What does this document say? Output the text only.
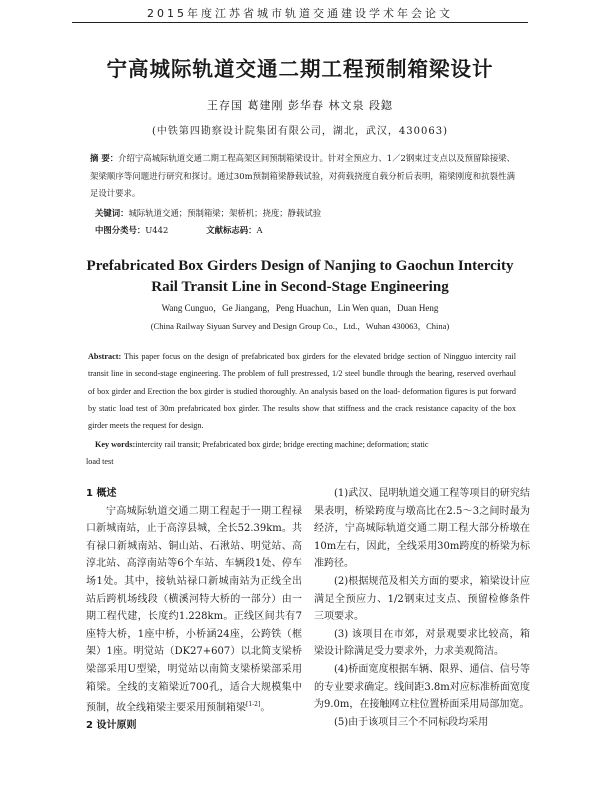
2015年度江苏省城市轨道交通建设学术年会论文
宁高城际轨道交通二期工程预制箱梁设计
王存国 葛建刚 彭华春 林文泉 段鍃
(中铁第四勘察设计院集团有限公司，湖北，武汉，430063)
摘 要：介绍宁高城际轨道交通二期工程高架区间预制箱梁设计。针对全预应力、1／2钢束过支点以及预留除接梁、架梁顺序等问题进行研究和探讨。通过30m预制箱梁静载试验，对荷载挠度自载分析后表明，箱梁刚度和抗裂性满足设计要求。
关键词：城际轨道交通；预制箱梁；架桥机；挠度；静载试验
中图分类号：U442	文献标志码：A
Prefabricated Box Girders Design of Nanjing to Gaochun Intercity
Rail Transit Line in Second-Stage Engineering
Wang Cunguo，Ge Jiangang，Peng Huachun，Lin Wen quan，Duan Heng
(China Railway Siyuan Survey and Design Group Co.，Ltd.，Wuhan 430063，China)
Abstract: This paper focus on the design of prefabricated box girders for the elevated bridge section of Ningguo intercity rail transit line in second-stage engineering. The problem of full prestressed, 1/2 steel bundle through the bearing, reserved overhaul of box girder and Erection the box girder is studied thoroughly. An analysis based on the load- deformation figures is put forward by static load test of 30m prefabricated box girder. The results show that stiffness and the crack resistance capacity of the box girder meets the request for design.
Key words:intercity rail transit; Prefabricated box girde; bridge erecting machine; deformation; static
load test
1 概述

宁高城际轨道交通二期工程起于一期工程禄口新城南站，止于高淳县城，全长52.39km。共有禄口新城南站、铜山站、石湫站、明觉站、高淳北站、高淳南站等6个车站、车辆段1处、停车场1处。其中，接轨站禄口新城南站为正线全出站后跨机场线段（横溪河特大桥的一部分）由一期工程代建，长度约1.228km。正线区间共有7座特大桥，1座中桥，小桥涵24座，公跨铁（框架）1座。明觉站（DK27+607）以北简支梁桥梁部采用U型梁，明觉站以南简支梁桥梁部采用箱梁。全线的支箱梁近700孔，适合大规模集中预制，故全线箱梁主要采用预制箱梁[1-2]。

2 设计原则

(1)武汉、昆明轨道交通工程等项目的研究结果表明，桥梁跨度与墩高比在2.5～3之间时最为经济，宁高城际轨道交通二期工程大部分桥墩在10m左右，因此，全线采用30m跨度的桥梁为标准跨径。

(2)根据规范及相关方面的要求，箱梁设计应满足全预应力、1/2钢束过支点、预留检修条件三项要求。

(3) 该项目在市郊，对景观要求比较高，箱梁设计除满足受力要求外，力求美观简洁。

(4)桥面宽度根据车辆、限界、通信、信号等的专业要求确定。线间距3.8m对应标准桥面宽度为9.0m，在接触网立柱位置桥面采用局部加宽。

(5)由于该项目三个不同标段均采用
